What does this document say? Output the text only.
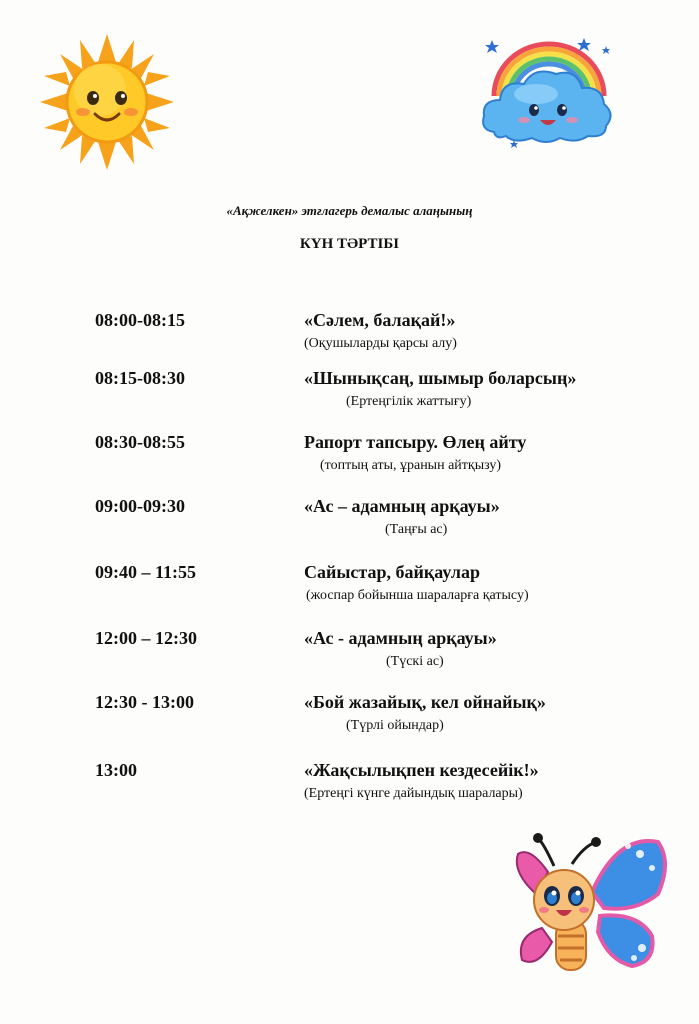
«Ақжелкен» эт‌ғ‌лагерь демалыс алаңының
КҮН ТӘРТІБІ
08:00-08:15	«Сәлем, балақай!»
(Оқушыларды қарсы алу)
08:15-08:30	«Шынықсаң, шымыр боларсың»
(Ертеңгілік жаттығу)
08:30-08:55	Рапорт тапсыру. Өлең айту
(топтың аты, ұранын айтқызу)
09:00-09:30	«Ас – адамның арқауы»
(Таңғы ас)
09:40 – 11:55	Сайыстар, байқаулар
(жоспар бойынша шараларға қатысу)
12:00 – 12:30	«Ас - адамның арқауы»
(Түскі ас)
12:30 - 13:00	«Бой жазайық, кел ойнайық»
(Түрлі ойындар)
13:00	«Жақсылықпен кездесейік!»
(Ертеңгі күнге дайындық шаралары)
